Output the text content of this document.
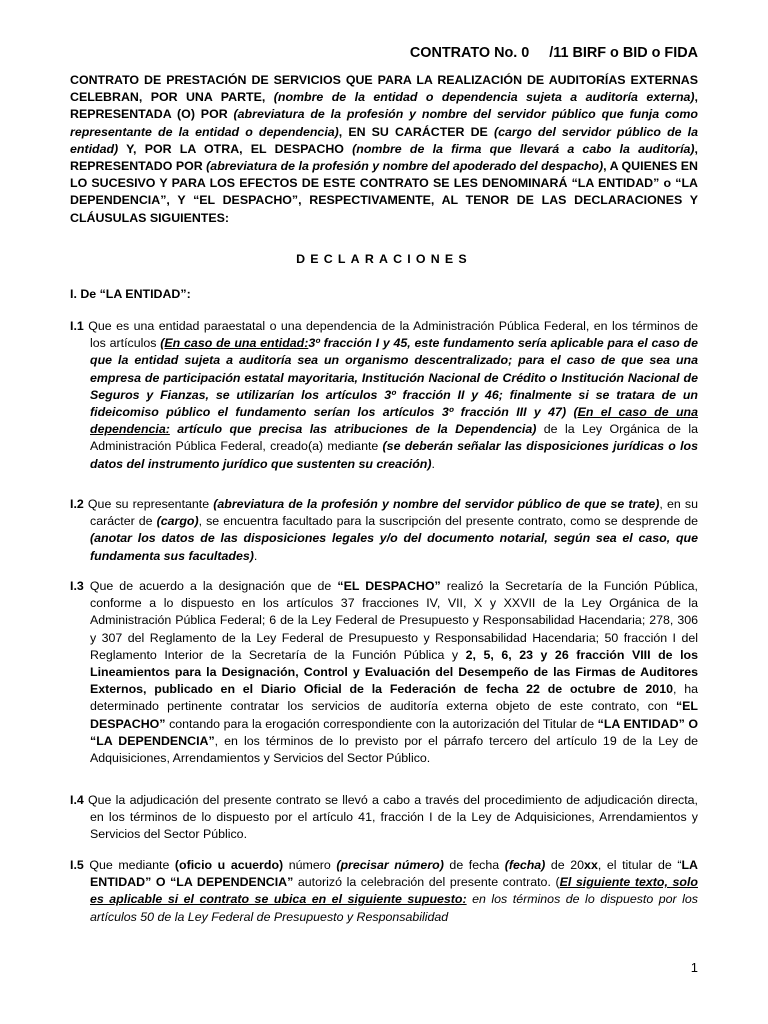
CONTRATO No. 0 /11 BIRF o BID o FIDA

CONTRATO DE PRESTACIÓN DE SERVICIOS QUE PARA LA REALIZACIÓN DE AUDITORÍAS EXTERNAS CELEBRAN, POR UNA PARTE, (nombre de la entidad o dependencia sujeta a auditoría externa), REPRESENTADA (O) POR (abreviatura de la profesión y nombre del servidor público que funja como representante de la entidad o dependencia), EN SU CARÁCTER DE (cargo del servidor público de la entidad) Y, POR LA OTRA, EL DESPACHO (nombre de la firma que llevará a cabo la auditoría), REPRESENTADO POR (abreviatura de la profesión y nombre del apoderado del despacho), A QUIENES EN LO SUCESIVO Y PARA LOS EFECTOS DE ESTE CONTRATO SE LES DENOMINARÁ “LA ENTIDAD” o “LA DEPENDENCIA”, Y “EL DESPACHO”, RESPECTIVAMENTE, AL TENOR DE LAS DECLARACIONES Y CLÁUSULAS SIGUIENTES:

DECLARACIONES
I. De “LA ENTIDAD”:

I.1 Que es una entidad paraestatal o una dependencia de la Administración Pública Federal, en los términos de los artículos (En caso de una entidad:3º fracción I y 45, este fundamento sería aplicable para el caso de que la entidad sujeta a auditoría sea un organismo descentralizado; para el caso de que sea una empresa de participación estatal mayoritaria, Institución Nacional de Crédito o Institución Nacional de Seguros y Fianzas, se utilizarían los artículos 3º fracción II y 46; finalmente si se tratara de un fideicomiso público el fundamento serían los artículos 3º fracción III y 47) (En el caso de una dependencia: artículo que precisa las atribuciones de la Dependencia) de la Ley Orgánica de la Administración Pública Federal, creado(a) mediante (se deberán señalar las disposiciones jurídicas o los datos del instrumento jurídico que sustenten su creación).

I.2 Que su representante (abreviatura de la profesión y nombre del servidor público de que se trate), en su carácter de (cargo), se encuentra facultado para la suscripción del presente contrato, como se desprende de (anotar los datos de las disposiciones legales y/o del documento notarial, según sea el caso, que fundamenta sus facultades).

I.3 Que de acuerdo a la designación que de “EL DESPACHO” realizó la Secretaría de la Función Pública, conforme a lo dispuesto en los artículos 37 fracciones IV, VII, X y XXVII de la Ley Orgánica de la Administración Pública Federal; 6 de la Ley Federal de Presupuesto y Responsabilidad Hacendaria; 278, 306 y 307 del Reglamento de la Ley Federal de Presupuesto y Responsabilidad Hacendaria; 50 fracción I del Reglamento Interior de la Secretaría de la Función Pública y 2, 5, 6, 23 y 26 fracción VIII de los Lineamientos para la Designación, Control y Evaluación del Desempeño de las Firmas de Auditores Externos, publicado en el Diario Oficial de la Federación de fecha 22 de octubre de 2010, ha determinado pertinente contratar los servicios de auditoría externa objeto de este contrato, con “EL DESPACHO” contando para la erogación correspondiente con la autorización del Titular de “LA ENTIDAD” O “LA DEPENDENCIA”, en los términos de lo previsto por el párrafo tercero del artículo 19 de la Ley de Adquisiciones, Arrendamientos y Servicios del Sector Público.

I.4 Que la adjudicación del presente contrato se llevó a cabo a través del procedimiento de adjudicación directa, en los términos de lo dispuesto por el artículo 41, fracción I de la Ley de Adquisiciones, Arrendamientos y Servicios del Sector Público.

I.5 Que mediante (oficio u acuerdo) número (precisar número) de fecha (fecha) de 20xx, el titular de “LA ENTIDAD” O “LA DEPENDENCIA” autorizó la celebración del presente contrato. (El siguiente texto, solo es aplicable si el contrato se ubica en el siguiente supuesto: en los términos de lo dispuesto por los artículos 50 de la Ley Federal de Presupuesto y Responsabilidad

1
